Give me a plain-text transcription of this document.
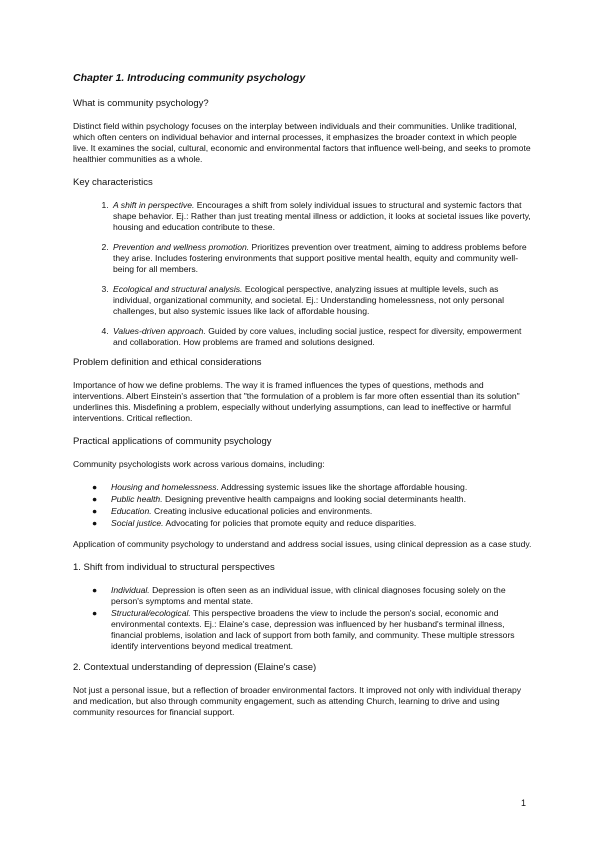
Chapter 1. Introducing community psychology
What is community psychology?

Distinct field within psychology focuses on the interplay between individuals and their communities. Unlike traditional, which often centers on individual behavior and internal processes, it emphasizes the broader context in which people live. It examines the social, cultural, economic and environmental factors that influence well-being, and seeks to promote healthier communities as a whole.

Key characteristics
1. A shift in perspective. Encourages a shift from solely individual issues to structural and systemic factors that shape behavior. Ej.: Rather than just treating mental illness or addiction, it looks at societal issues like poverty, housing and education contribute to these.
2. Prevention and wellness promotion. Prioritizes prevention over treatment, aiming to address problems before they arise. Includes fostering environments that support positive mental health, equity and community well-being for all members.
3. Ecological and structural analysis. Ecological perspective, analyzing issues at multiple levels, such as individual, organizational community, and societal. Ej.: Understanding homelessness, not only personal challenges, but also systemic issues like lack of affordable housing.
4. Values-driven approach. Guided by core values, including social justice, respect for diversity, empowerment and collaboration. How problems are framed and solutions designed.
Problem definition and ethical considerations

Importance of how we define problems. The way it is framed influences the types of questions, methods and interventions. Albert Einstein's assertion that "the formulation of a problem is far more often essential than its solution" underlines this. Misdefining a problem, especially without underlying assumptions, can lead to ineffective or harmful interventions. Critical reflection.

Practical applications of community psychology

Community psychologists work across various domains, including:

● Housing and homelessness. Addressing systemic issues like the shortage affordable housing.
● Public health. Designing preventive health campaigns and looking social determinants health.
● Education. Creating inclusive educational policies and environments.
● Social justice. Advocating for policies that promote equity and reduce disparities.

Application of community psychology to understand and address social issues, using clinical depression as a case study.

1. Shift from individual to structural perspectives
● Individual. Depression is often seen as an individual issue, with clinical diagnoses focusing solely on the person's symptoms and mental state.
● Structural/ecological. This perspective broadens the view to include the person's social, economic and environmental contexts. Ej.: Elaine's case, depression was influenced by her husband's terminal illness, financial problems, isolation and lack of support from both family, and community. These multiple stressors identify interventions beyond medical treatment.
2. Contextual understanding of depression (Elaine's case)

Not just a personal issue, but a reflection of broader environmental factors. It improved not only with individual therapy and medication, but also through community engagement, such as attending Church, learning to drive and using community resources for financial support.

1
